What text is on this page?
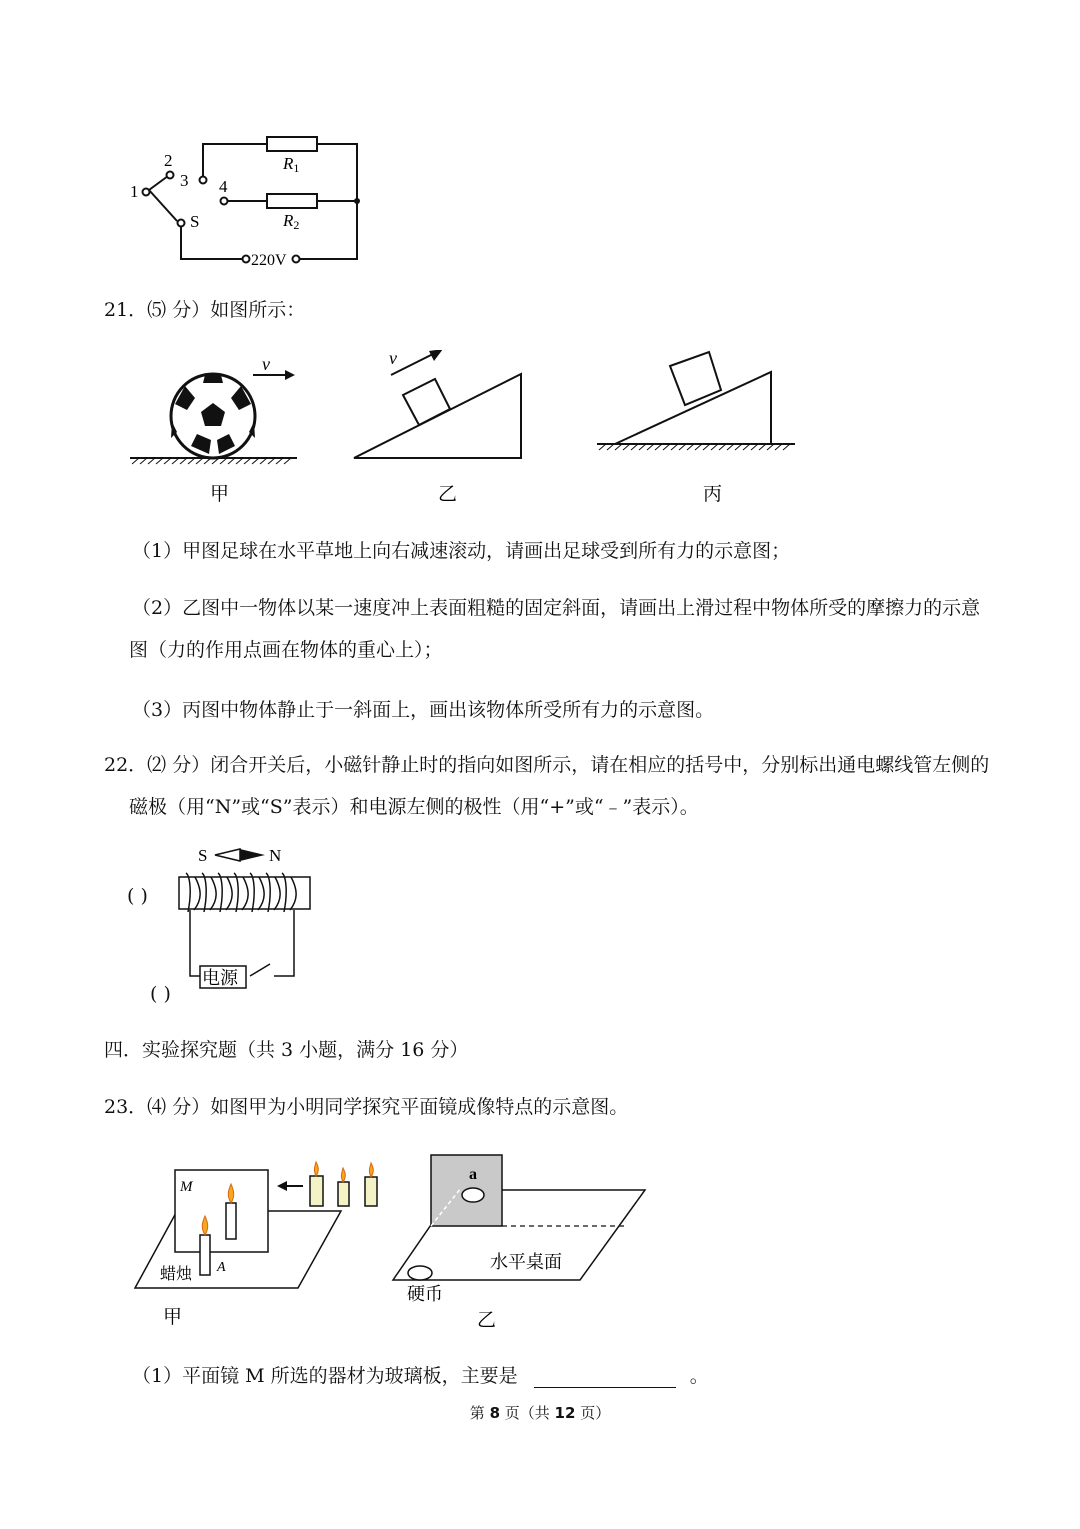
1
2
3 4
S
R1
R2
220V
21．⑸ 分）如图所示：
v	v
甲	乙	丙
（1）甲图足球在水平草地上向右减速滚动，请画出足球受到所有力的示意图；
（2）乙图中一物体以某一速度冲上表面粗糙的固定斜面，请画出上滑过程中物体所受的摩擦力的示意
图（力的作用点画在物体的重心上）；
（3）丙图中物体静止于一斜面上，画出该物体所受所有力的示意图。
22．⑵ 分）闭合开关后，小磁针静止时的指向如图所示，请在相应的括号中，分别标出通电螺线管左侧的
磁极（用“N”或“S”表示）和电源左侧的极性（用“+”或“﹣”表示）。
S	N
电源
( )
( )
四．实验探究题（共 3 小题，满分 16 分）
23．⑷ 分）如图甲为小明同学探究平面镜成像特点的示意图。
M
蜡烛 A
甲
a
水平桌面
硬币
乙
（1）平面镜 M 所选的器材为玻璃板，主要是	。
第 8 页（共 12 页）
